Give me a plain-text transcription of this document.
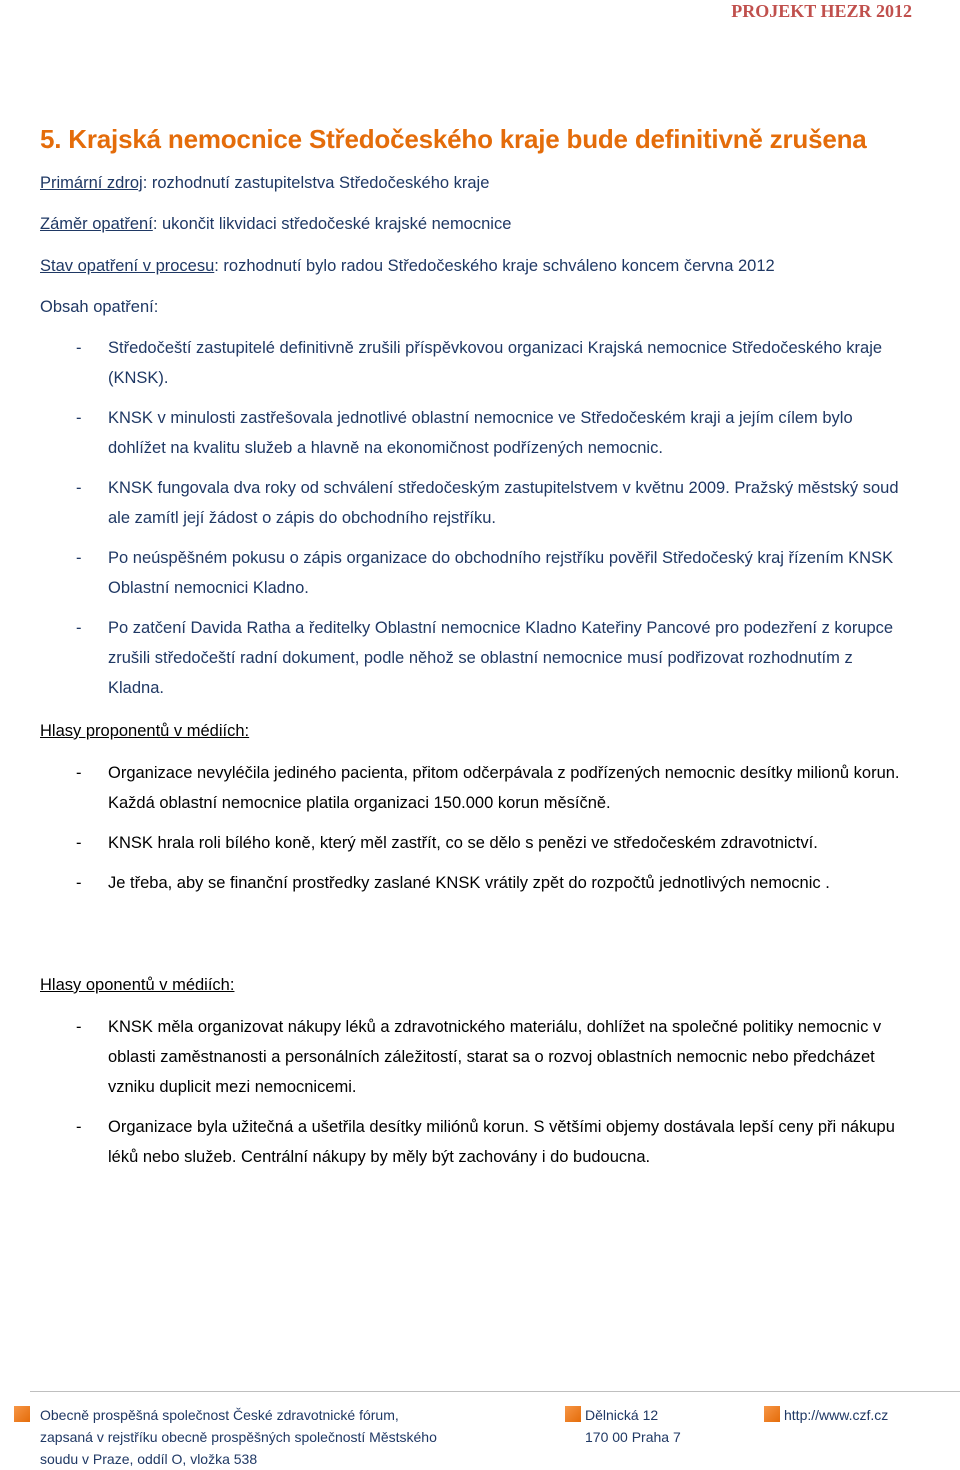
PROJEKT HEZR 2012
5. Krajská nemocnice Středočeského kraje bude definitivně zrušena
Primární zdroj: rozhodnutí zastupitelstva Středočeského kraje
Záměr opatření: ukončit likvidaci středočeské krajské nemocnice
Stav opatření v procesu: rozhodnutí bylo radou Středočeského kraje schváleno koncem června 2012
Obsah opatření:
- Středočeští zastupitelé definitivně zrušili příspěvkovou organizaci Krajská nemocnice Středočeského kraje (KNSK).
- KNSK v minulosti zastřešovala jednotlivé oblastní nemocnice ve Středočeském kraji a jejím cílem bylo dohlížet na kvalitu služeb a hlavně na ekonomičnost podřízených nemocnic.
- KNSK fungovala dva roky od schválení středočeským zastupitelstvem v květnu 2009. Pražský městský soud ale zamítl její žádost o zápis do obchodního rejstříku.
- Po neúspěšném pokusu o zápis organizace do obchodního rejstříku pověřil Středočeský kraj řízením KNSK Oblastní nemocnici Kladno.
- Po zatčení Davida Ratha a ředitelky Oblastní nemocnice Kladno Kateřiny Pancové pro podezření z korupce zrušili středočeští radní dokument, podle něhož se oblastní nemocnice musí podřizovat rozhodnutím z Kladna.
Hlasy proponentů v médiích:
- Organizace nevyléčila jediného pacienta, přitom odčerpávala z podřízených nemocnic desítky milionů korun. Každá oblastní nemocnice platila organizaci 150.000 korun měsíčně.
- KNSK hrala roli bílého koně, který měl zastřít, co se dělo s penězi ve středočeském zdravotnictví.
- Je třeba, aby se finanční prostředky zaslané KNSK vrátily zpět do rozpočtů jednotlivých nemocnic .
Hlasy oponentů v médiích:
- KNSK měla organizovat nákupy léků a zdravotnického materiálu, dohlížet na společné politiky nemocnic v oblasti zaměstnanosti a personálních záležitostí, starat sa o rozvoj oblastních nemocnic nebo předcházet vzniku duplicit mezi nemocnicemi.
- Organizace byla užitečná a ušetřila desítky miliónů korun. S většími objemy dostávala lepší ceny při nákupu léků nebo služeb. Centrální nákupy by měly být zachovány i do budoucna.
Obecně prospěšná společnost České zdravotnické fórum,
zapsaná v rejstříku obecně prospěšných společností Městského
soudu v Praze, oddíl O, vložka 538
Dělnická 12
170 00 Praha 7
http://www.czf.cz
